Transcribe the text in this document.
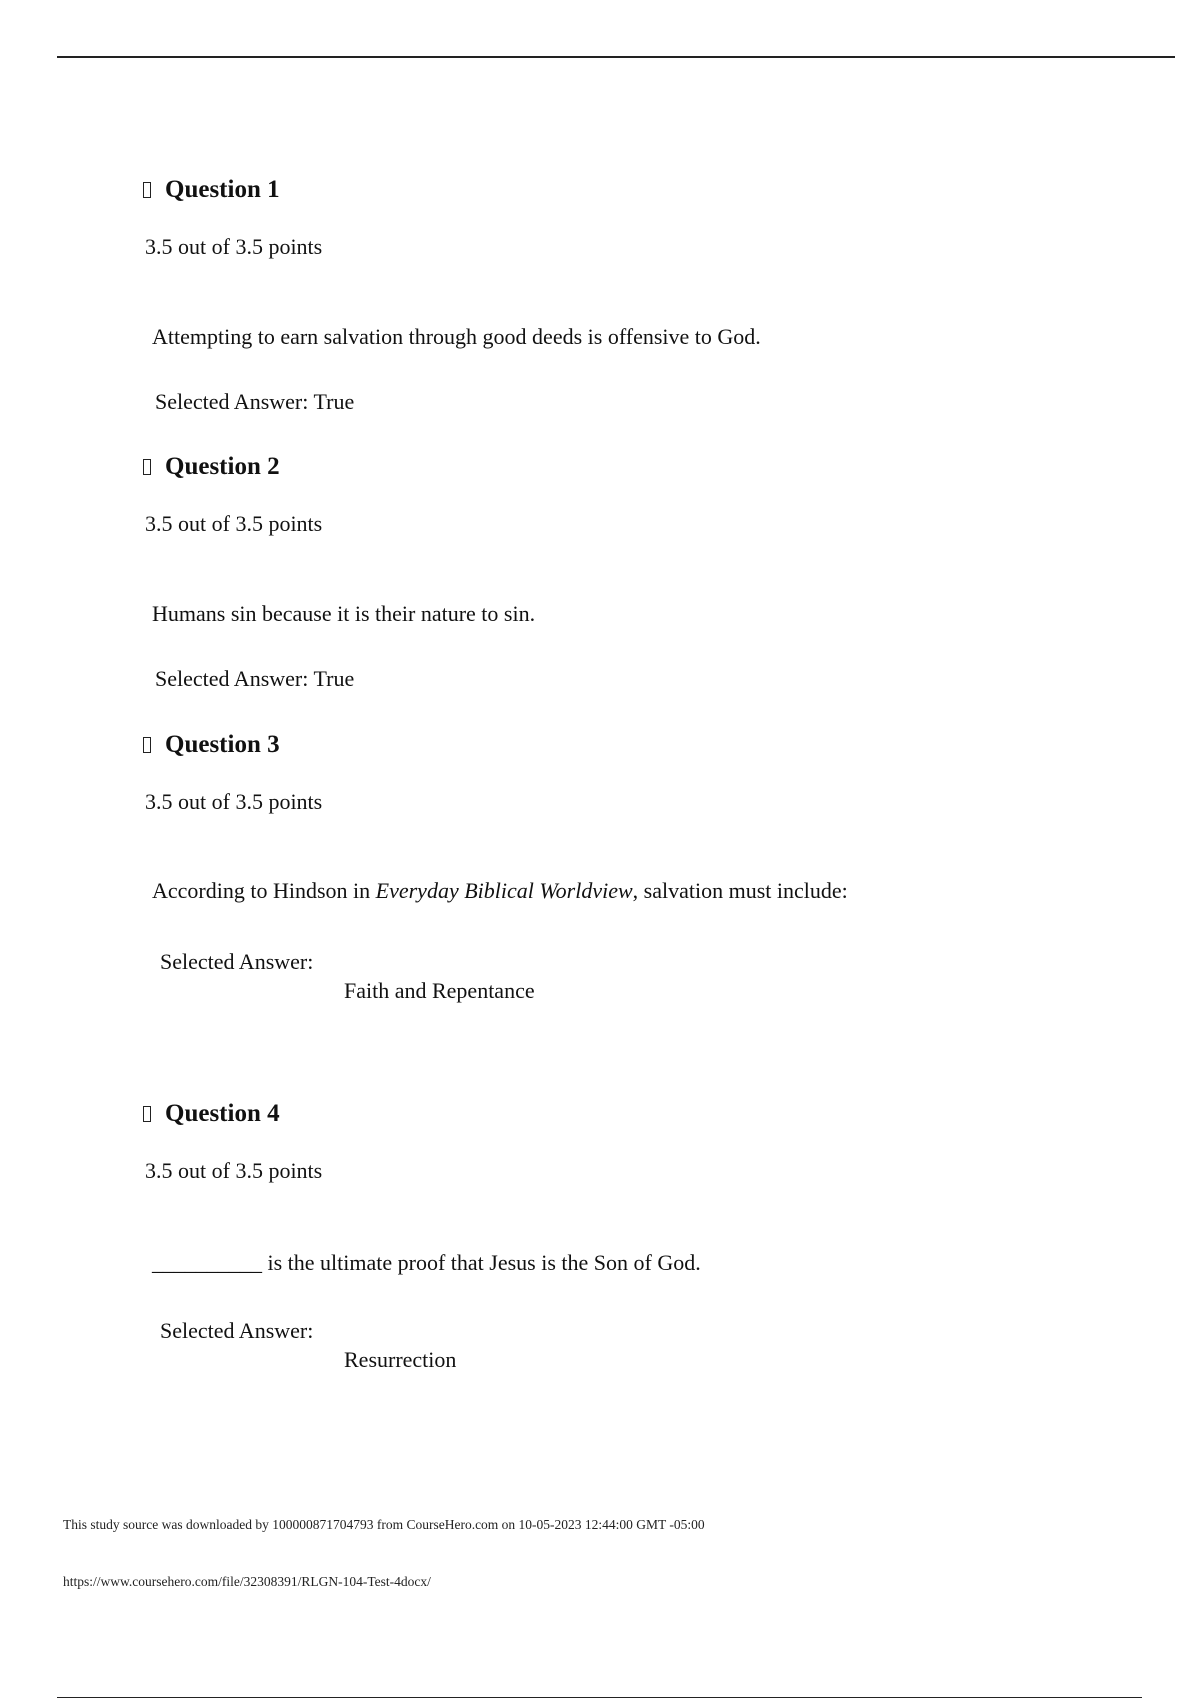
Question 1
3.5 out of 3.5 points
Attempting to earn salvation through good deeds is offensive to God.
Selected Answer: True
Question 2
3.5 out of 3.5 points
Humans sin because it is their nature to sin.
Selected Answer: True
Question 3
3.5 out of 3.5 points
According to Hindson in Everyday Biblical Worldview, salvation must include:
Selected Answer:
Faith and Repentance
Question 4
3.5 out of 3.5 points
__________ is the ultimate proof that Jesus is the Son of God.
Selected Answer:
Resurrection
This study source was downloaded by 100000871704793 from CourseHero.com on 10-05-2023 12:44:00 GMT -05:00
https://www.coursehero.com/file/32308391/RLGN-104-Test-4docx/
